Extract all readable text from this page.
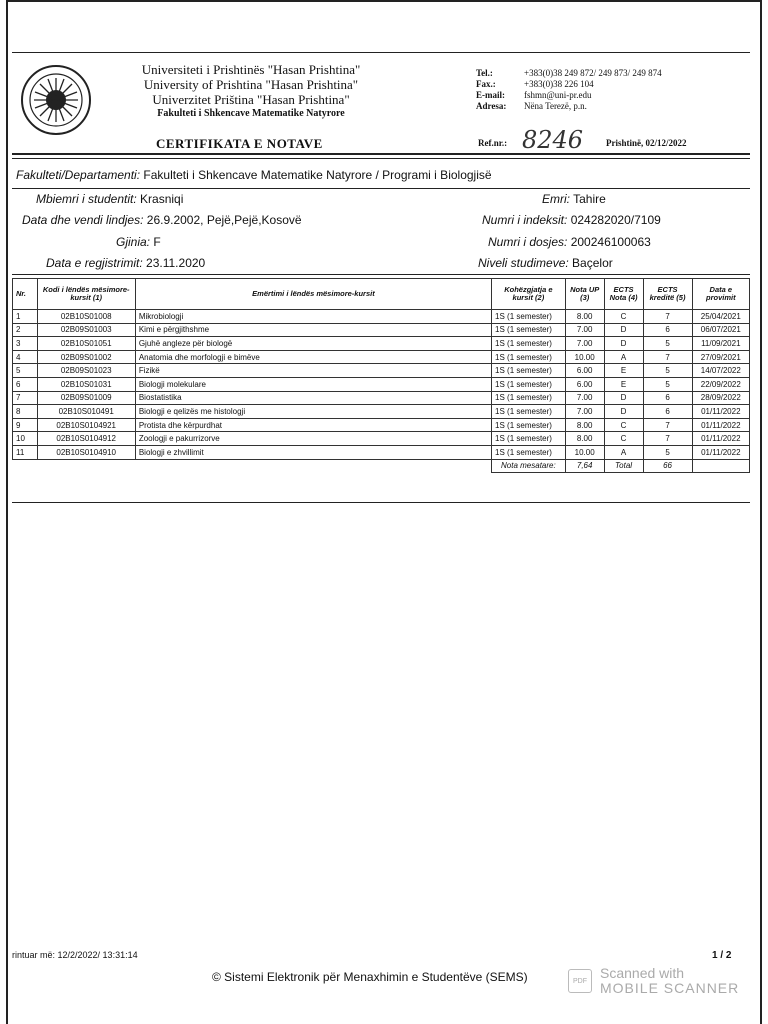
Universiteti i Prishtinës "Hasan Prishtina"
University of Prishtina "Hasan Prishtina"
Univerzitet Priština "Hasan Prishtina"
Fakulteti i Shkencave Matematike Natyrore
Tel.:	+383(0)38 249 872/ 249 873/ 249 874
Fax.:	+383(0)38 226 104
E-mail:	fshmn@uni-pr.edu
Adresa:	Nëna Terezë, p.n.
CERTIFIKATA E NOTAVE	Ref.nr.: 8246	Prishtinë, 02/12/2022
Fakulteti/Departamenti: Fakulteti i Shkencave Matematike Natyrore / Programi i Biologjisë
Mbiemri i studentit: Krasniqi	Emri: Tahire
Data dhe vendi lindjes: 26.9.2002, Pejë,Pejë,Kosovë	Numri i indeksit: 024282020/7109
Gjinia: F	Numri i dosjes: 200246100063
Data e regjistrimit: 23.11.2020	Niveli studimeve: Baçelor
Nr.	Kodi i lëndës mësimore-kursit (1)	Emërtimi i lëndës mësimore-kursit	Kohëzgjatja e kursit (2)	Nota UP (3)	ECTS Nota (4)	ECTS kreditë (5)	Data e provimit
1	02B10S01008	Mikrobiologji	1S (1 semester)	8.00	C	7	25/04/2021
2	02B09S01003	Kimi e përgjithshme	1S (1 semester)	7.00	D	6	06/07/2021
3	02B10S01051	Gjuhë angleze për biologë	1S (1 semester)	7.00	D	5	11/09/2021
4	02B09S01002	Anatomia dhe morfologji e bimëve	1S (1 semester)	10.00	A	7	27/09/2021
5	02B09S01023	Fizikë	1S (1 semester)	6.00	E	5	14/07/2022
6	02B10S01031	Biologji molekulare	1S (1 semester)	6.00	E	5	22/09/2022
7	02B09S01009	Biostatistika	1S (1 semester)	7.00	D	6	28/09/2022
8	02B10S010491	Biologji e qelizës me histologji	1S (1 semester)	7.00	D	6	01/11/2022
9	02B10S0104921	Protista dhe kërpurdhat	1S (1 semester)	8.00	C	7	01/11/2022
10	02B10S0104912	Zoologji e pakurrizorve	1S (1 semester)	8.00	C	7	01/11/2022
11	02B10S0104910	Biologji e zhvillimit	1S (1 semester)	10.00	A	5	01/11/2022
			Nota mesatare:	7,64	Total	66	
rintuar më: 12/2/2022/ 13:31:14	1 / 2
© Sistemi Elektronik për Menaxhimin e Studentëve (SEMS)	PDF Scanned with
MOBILE SCANNER
